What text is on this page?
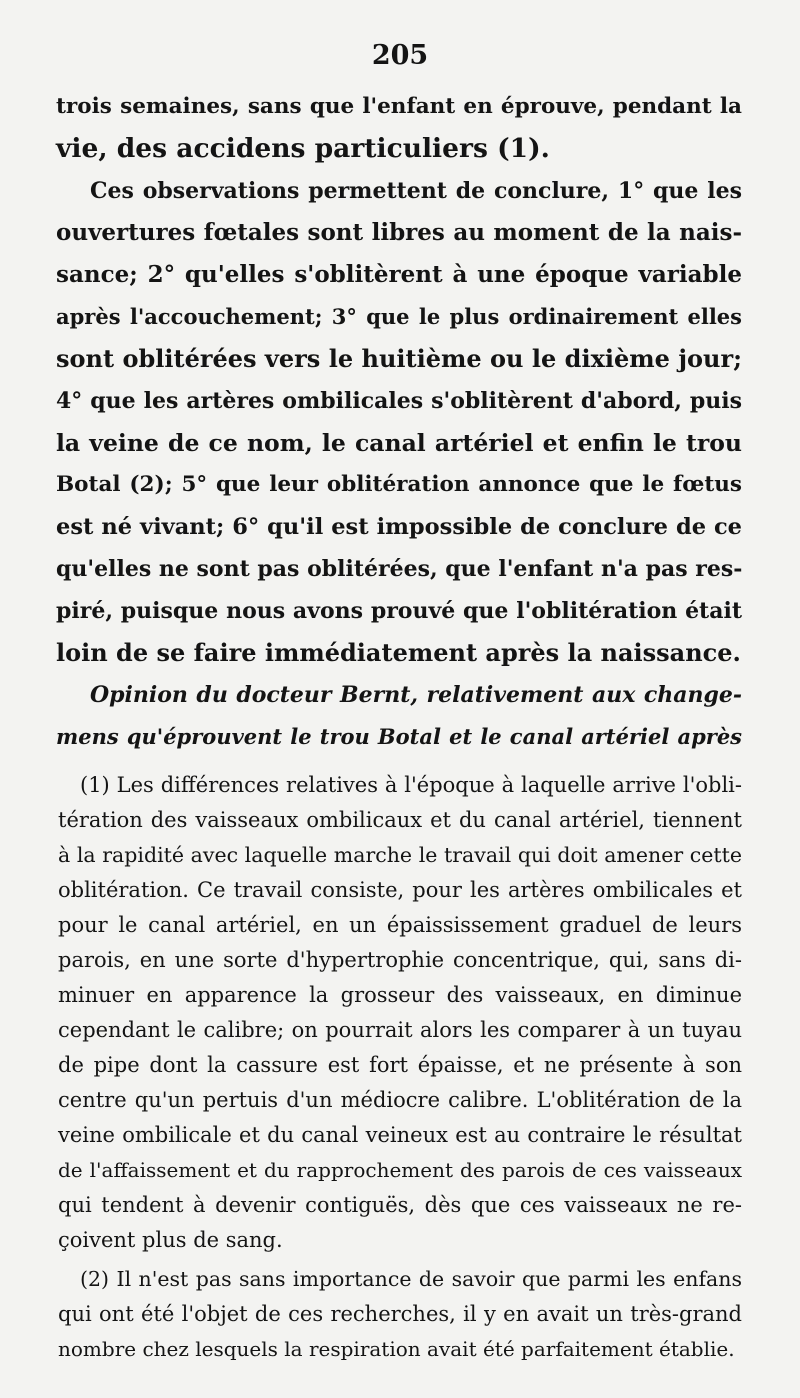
205
trois semaines, sans que l'enfant en éprouve, pendant la
vie, des accidens particuliers (1).
Ces observations permettent de conclure, 1° que les
ouvertures fœtales sont libres au moment de la nais-
sance; 2° qu'elles s'oblitèrent à une époque variable
après l'accouchement; 3° que le plus ordinairement elles
sont oblitérées vers le huitième ou le dixième jour;
4° que les artères ombilicales s'oblitèrent d'abord, puis
la veine de ce nom, le canal artériel et enfin le trou
Botal (2); 5° que leur oblitération annonce que le fœtus
est né vivant; 6° qu'il est impossible de conclure de ce
qu'elles ne sont pas oblitérées, que l'enfant n'a pas res-
piré, puisque nous avons prouvé que l'oblitération était
loin de se faire immédiatement après la naissance.
Opinion du docteur Bernt, relativement aux change-
mens qu'éprouvent le trou Botal et le canal artériel après
(1) Les différences relatives à l'époque à laquelle arrive l'obli-
tération des vaisseaux ombilicaux et du canal artériel, tiennent
à la rapidité avec laquelle marche le travail qui doit amener cette
oblitération. Ce travail consiste, pour les artères ombilicales et
pour le canal artériel, en un épaississement graduel de leurs
parois, en une sorte d'hypertrophie concentrique, qui, sans di-
minuer en apparence la grosseur des vaisseaux, en diminue
cependant le calibre; on pourrait alors les comparer à un tuyau
de pipe dont la cassure est fort épaisse, et ne présente à son
centre qu'un pertuis d'un médiocre calibre. L'oblitération de la
veine ombilicale et du canal veineux est au contraire le résultat
de l'affaissement et du rapprochement des parois de ces vaisseaux
qui tendent à devenir contiguës, dès que ces vaisseaux ne re-
çoivent plus de sang.
(2) Il n'est pas sans importance de savoir que parmi les enfans
qui ont été l'objet de ces recherches, il y en avait un très-grand
nombre chez lesquels la respiration avait été parfaitement établie.
